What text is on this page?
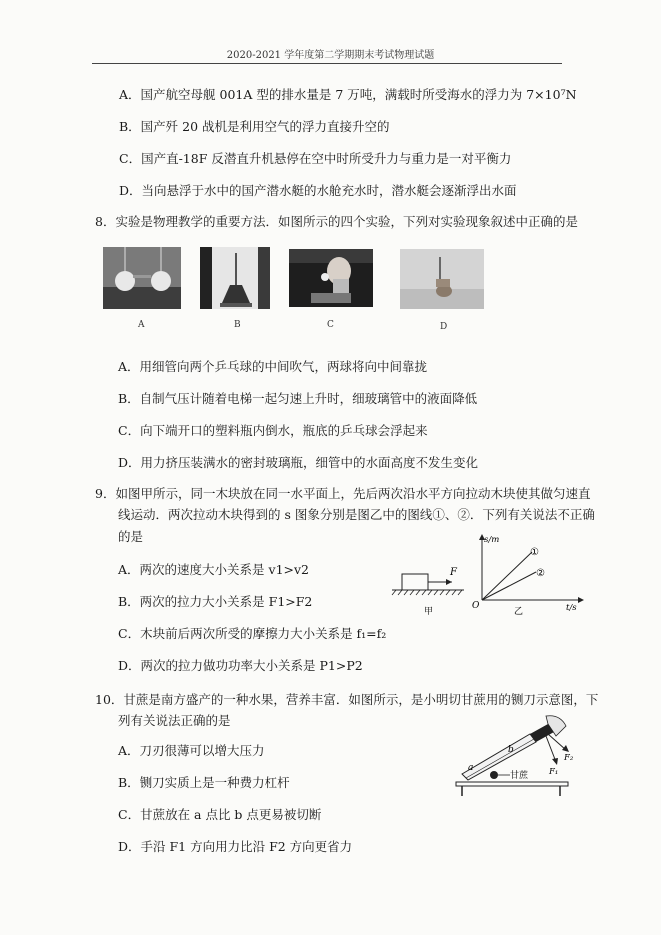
2020-2021 学年度第二学期期末考试物理试题
A．国产航空母舰 001A 型的排水量是 7 万吨，满载时所受海水的浮力为 7×10⁷N
B．国产歼 20 战机是利用空气的浮力直接升空的
C．国产直-18F 反潜直升机悬停在空中时所受升力与重力是一对平衡力
D．当向悬浮于水中的国产潜水艇的水舱充水时，潜水艇会逐渐浮出水面
8．实验是物理教学的重要方法．如图所示的四个实验，下列对实验现象叙述中正确的是
A	B	C	D
A．用细管向两个乒乓球的中间吹气，两球将向中间靠拢
B．自制气压计随着电梯一起匀速上升时，细玻璃管中的液面降低
C．向下端开口的塑料瓶内倒水，瓶底的乒乓球会浮起来
D．用力挤压装满水的密封玻璃瓶，细管中的水面高度不发生变化
9．如图甲所示，同一木块放在同一水平面上，先后两次沿水平方向拉动木块使其做匀速直
线运动．两次拉动木块得到的 s 图象分别是图乙中的图线①、②．下列有关说法不正确
的是
A．两次的速度大小关系是 v1>v2
B．两次的拉力大小关系是 F1>F2
C．木块前后两次所受的摩擦力大小关系是 f₁=f₂
D．两次的拉力做功功率大小关系是 P1>P2
F
甲
s/m
t/s
O
①
②
乙
10．甘蔗是南方盛产的一种水果，营养丰富．如图所示，是小明切甘蔗用的铡刀示意图，下
列有关说法正确的是
A．刀刃很薄可以增大压力
B．铡刀实质上是一种费力杠杆
C．甘蔗放在 a 点比 b 点更易被切断
D．手沿 F1 方向用力比沿 F2 方向更省力
a
b
甘蔗 F₁
F₂
